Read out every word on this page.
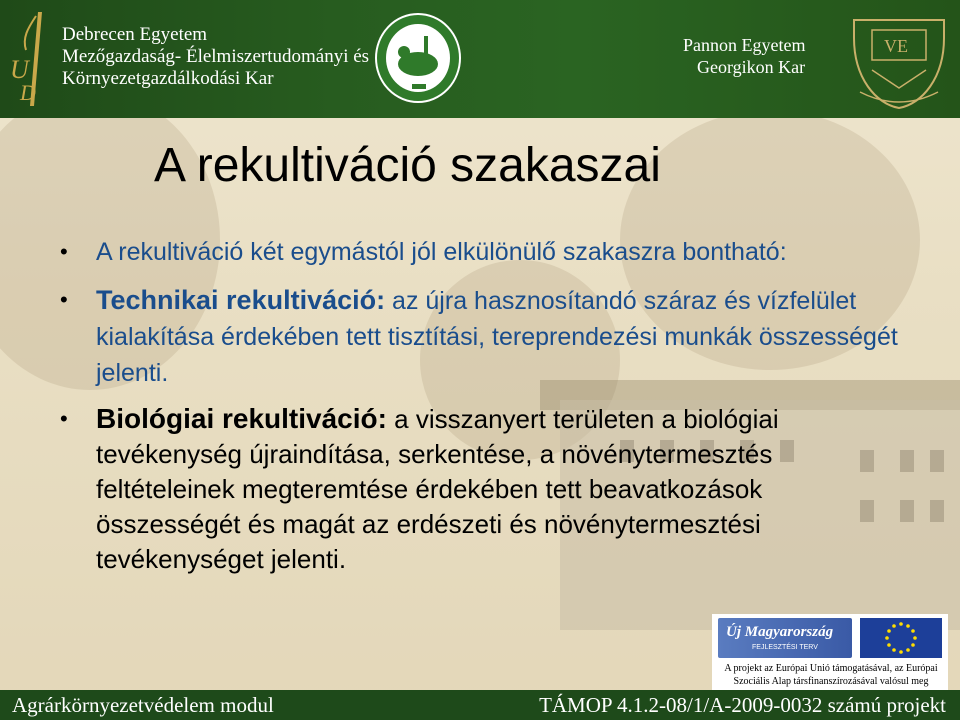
U
D
Debrecen Egyetem
Mezőgazdaság- Élelmiszertudományi és
Környezetgazdálkodási Kar
Pannon Egyetem
Georgikon Kar
VE
A rekultiváció szakaszai
• A rekultiváció két egymástól jól elkülönülő szakaszra bontható:
• Technikai rekultiváció: az újra hasznosítandó száraz és vízfelület kialakítása érdekében tett tisztítási, tereprendezési munkák összességét jelenti.
• Biológiai rekultiváció: a visszanyert területen a biológiai tevékenység újraindítása, serkentése, a növénytermesztés feltételeinek megteremtése érdekében tett beavatkozások összességét és magát az erdészeti és növénytermesztési tevékenységet jelenti.
Új Magyarország
FEJLESZTÉSI TERV
A projekt az Európai Unió támogatásával, az Európai
Szociális Alap társfinanszírozásával valósul meg
Agrárkörnyezetvédelem modul	TÁMOP 4.1.2-08/1/A-2009-0032 számú projekt
